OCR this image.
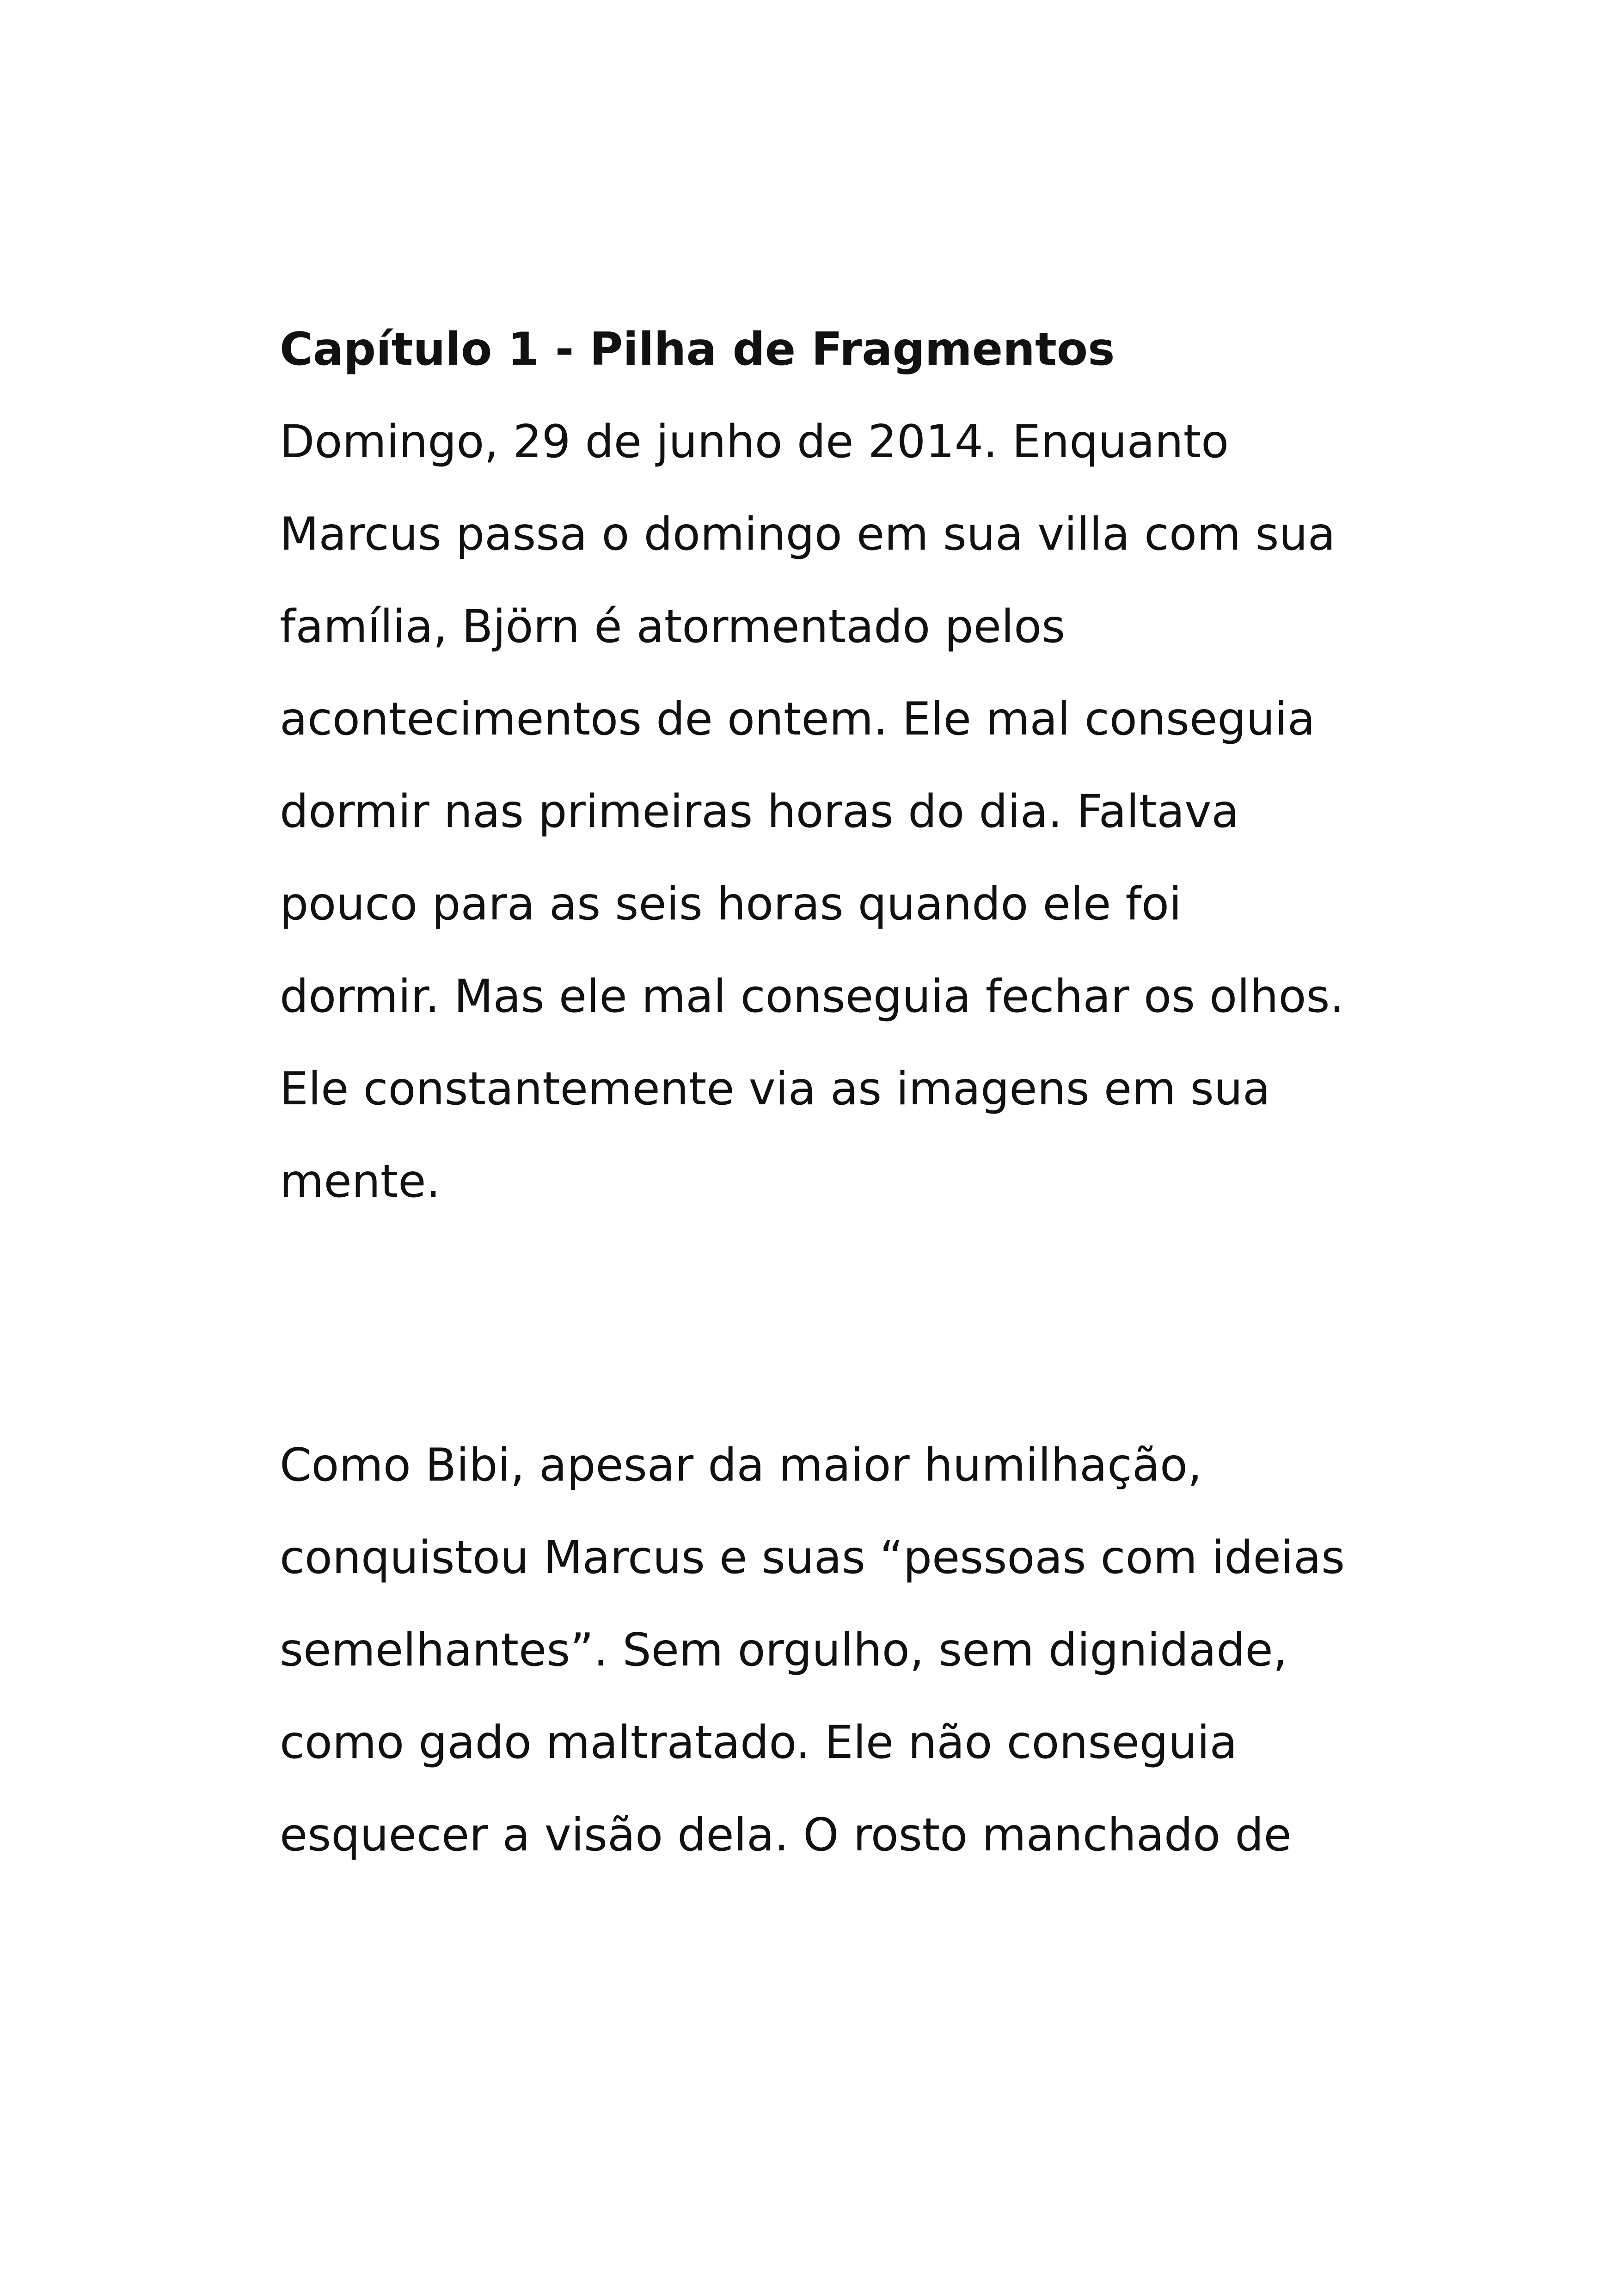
Capítulo 1 - Pilha de Fragmentos
Domingo, 29 de junho de 2014. Enquanto
Marcus passa o domingo em sua villa com sua
família, Björn é atormentado pelos
acontecimentos de ontem. Ele mal conseguia
dormir nas primeiras horas do dia. Faltava
pouco para as seis horas quando ele foi
dormir. Mas ele mal conseguia fechar os olhos.
Ele constantemente via as imagens em sua
mente.
Como Bibi, apesar da maior humilhação,
conquistou Marcus e suas “pessoas com ideias
semelhantes”. Sem orgulho, sem dignidade,
como gado maltratado. Ele não conseguia
esquecer a visão dela. O rosto manchado de
